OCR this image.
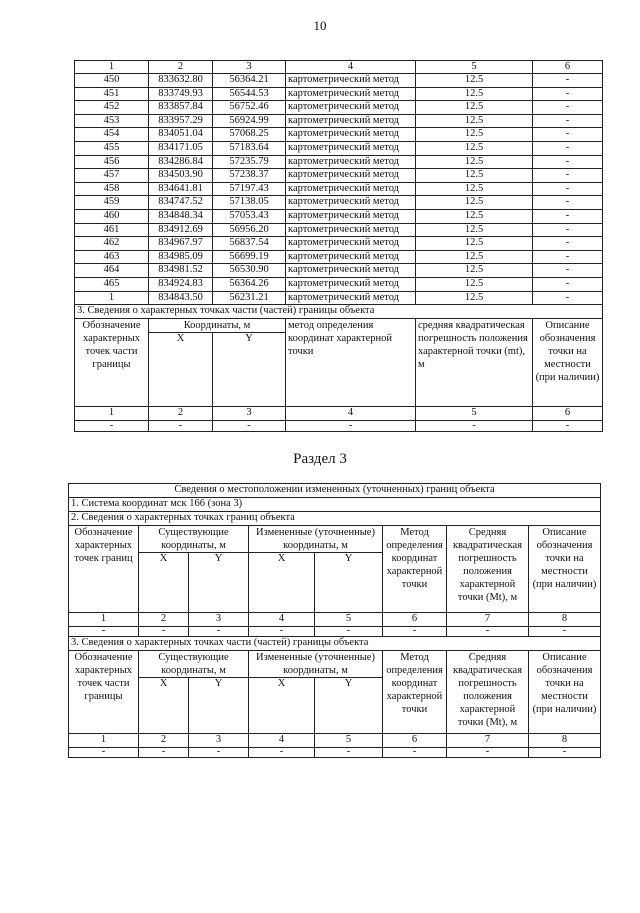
10
1	2	3	4	5	6
450	833632.80	56364.21	картометрический метод	12.5	-
451	833749.93	56544.53	картометрический метод	12.5	-
452	833857.84	56752.46	картометрический метод	12.5	-
453	833957.29	56924.99	картометрический метод	12.5	-
454	834051.04	57068.25	картометрический метод	12.5	-
455	834171.05	57183.64	картометрический метод	12.5	-
456	834286.84	57235.79	картометрический метод	12.5	-
457	834503.90	57238.37	картометрический метод	12.5	-
458	834641.81	57197.43	картометрический метод	12.5	-
459	834747.52	57138.05	картометрический метод	12.5	-
460	834848.34	57053.43	картометрический метод	12.5	-
461	834912.69	56956.20	картометрический метод	12.5	-
462	834967.97	56837.54	картометрический метод	12.5	-
463	834985.09	56699.19	картометрический метод	12.5	-
464	834981.52	56530.90	картометрический метод	12.5	-
465	834924.83	56364.26	картометрический метод	12.5	-
1	834843.50	56231.21	картометрический метод	12.5	-
3. Сведения о характерных точках части (частей) границы объекта					
Обозначение характерных точек части границы	Координаты, м		метод определения координат характерной точки	средняя квадратическая погрешность положения характерной точки (mt), м	Описание обозначения точки на местности (при наличии)
	X	Y			
1	2	3	4	5	6
-	-	-	-	-	-
Раздел 3
Сведения о местоположении измененных (уточненных) границ объекта							
1. Система координат мск 166 (зона 3)							
2. Сведения о характерных точках границ объекта							
Обозначение характерных точек границ	Существующие координаты, м		Измененные (уточненные) координаты, м		Метод определения координат характерной точки	Средняя квадратическая погрешность положения характерной точки (Mt), м	Описание обозначения точки на местности (при наличии)
	X	Y	X	Y			
1	2	3	4	5	6	7	8
-	-	-	-	-	-	-	-
3. Сведения о характерных точках части (частей) границы объекта							
Обозначение характерных точек части границы	Существующие координаты, м		Измененные (уточненные) координаты, м		Метод определения координат характерной точки	Средняя квадратическая погрешность положения характерной точки (Mt), м	Описание обозначения точки на местности (при наличии)
	X	Y	X	Y			
1	2	3	4	5	6	7	8
-	-	-	-	-	-	-	-
